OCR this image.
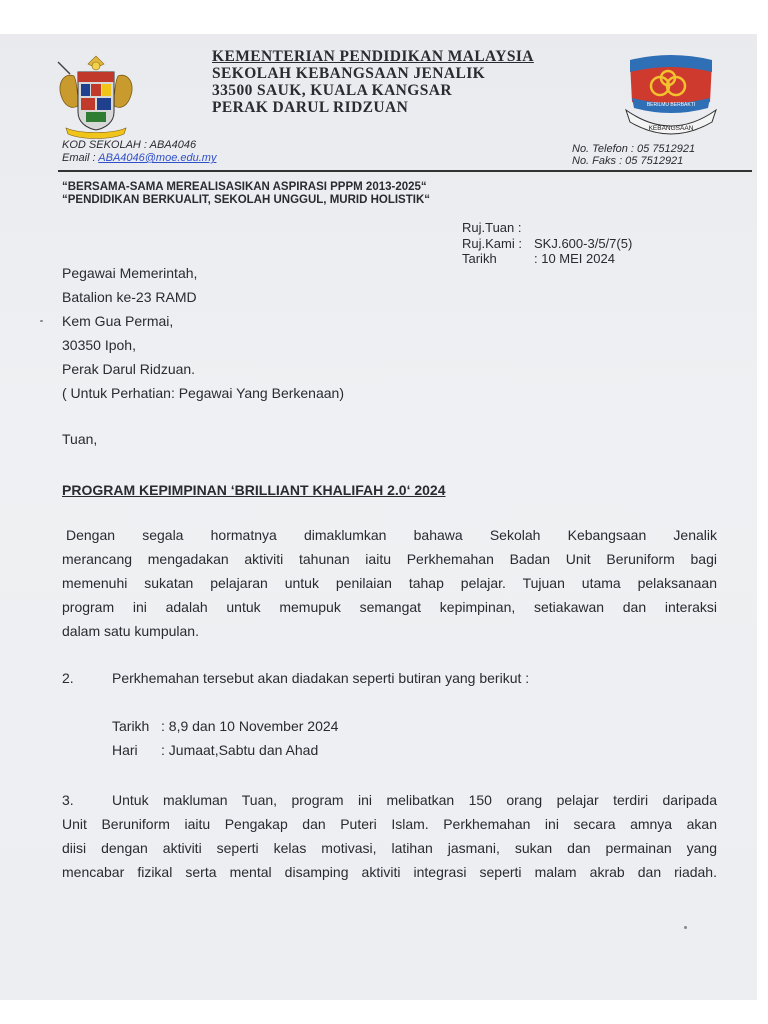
KEBANGSAAN
BERILMU BERBAKTI
KEMENTERIAN PENDIDIKAN MALAYSIA
SEKOLAH KEBANGSAAN JENALIK
33500 SAUK, KUALA KANGSAR
PERAK DARUL RIDZUAN
KOD SEKOLAH : ABA4046
Email : ABA4046@moe.edu.my
No. Telefon : 05 7512921
No. Faks : 05 7512921
“BERSAMA-SAMA MEREALISASIKAN ASPIRASI PPPM 2013-2025“
“PENDIDIKAN BERKUALIT, SEKOLAH UNGGUL, MURID HOLISTIK“
Ruj.Tuan :
Ruj.Kami : SKJ.600-3/5/7(5)
Tarikh	: 10 MEI 2024
Pegawai Memerintah,
Batalion ke-23 RAMD
Kem Gua Permai,
30350 Ipoh,
Perak Darul Ridzuan.
( Untuk Perhatian: Pegawai Yang Berkenaan)
Tuan,
PROGRAM KEPIMPINAN ‘BRILLIANT KHALIFAH 2.0‘ 2024
Dengan segala hormatnya dimaklumkan bahawa Sekolah Kebangsaan Jenalik
merancang mengadakan aktiviti tahunan iaitu Perkhemahan Badan Unit Beruniform bagi
memenuhi sukatan pelajaran untuk penilaian tahap pelajar. Tujuan utama pelaksanaan
program ini adalah untuk memupuk semangat kepimpinan, setiakawan dan interaksi
dalam satu kumpulan.
2.	Perkhemahan tersebut akan diadakan seperti butiran yang berikut :
Tarikh : 8,9 dan 10 November 2024
Hari : Jumaat,Sabtu dan Ahad
3.	Untuk makluman Tuan, program ini melibatkan 150 orang pelajar terdiri daripada
Unit Beruniform iaitu Pengakap dan Puteri Islam. Perkhemahan ini secara amnya akan
diisi dengan aktiviti seperti kelas motivasi, latihan jasmani, sukan dan permainan yang
mencabar fizikal serta mental disamping aktiviti integrasi seperti malam akrab dan riadah.
